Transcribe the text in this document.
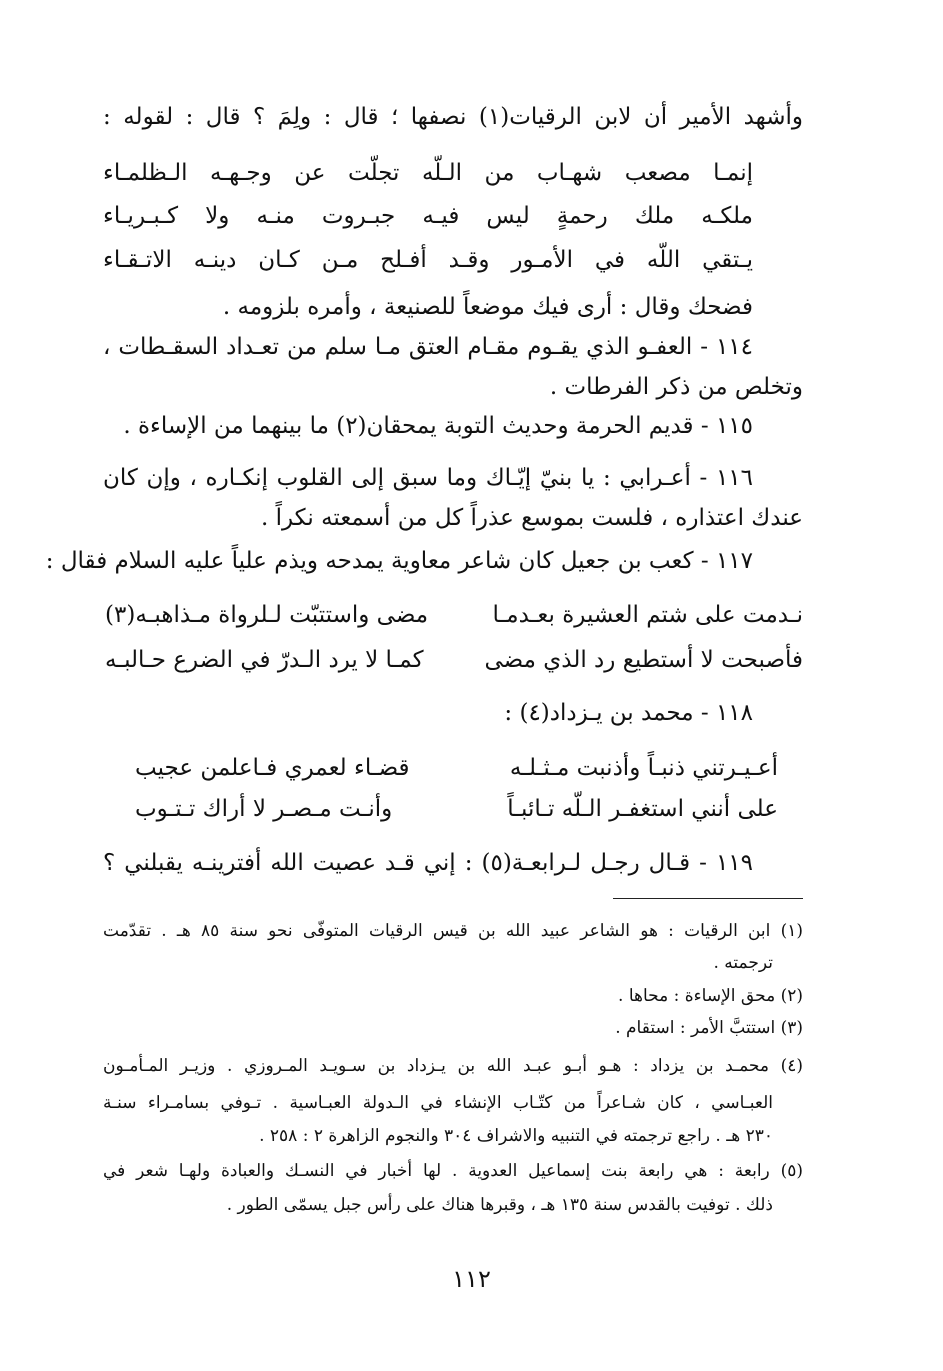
وأشهد الأمير أن لابن الرقيات(١) نصفها ؛ قال : ولِمَ ؟ قال : لقوله :
إنمـا مصعب شهـاب من الـلّه تجلّت عن وجـهـه الـظلمـاء
ملكـه ملك رحمةٍ ليس فيـه جبـروت منـه ولا كـبـريـاء
يـتقي اللّه في الأمـور وقـد أفـلح مـن كـان دينـه الاتـقـاء
فضحك وقال : أرى فيك موضعاً للصنيعة ، وأمره بلزومه .
١١٤ - العفـو الذي يقـوم مقـام العتق مـا سلم من تعـداد السقـطات ،
وتخلص من ذكر الفرطات .
١١٥ - قديم الحرمة وحديث التوبة يمحقان(٢) ما بينهما من الإساءة .
١١٦ - أعـرابي : يا بنيّ إيّـاك وما سبق إلى القلوب إنكـاره ، وإن كان
عندك اعتذاره ، فلست بموسع عذراً كل من أسمعته نكراً .
١١٧ - كعب بن جعيل كان شاعر معاوية يمدحه ويذم علياً عليه السلام فقال :
نـدمت على شتم العشيرة بعـدمـا
مضى واستتبّت لـلرواة مـذاهبـه(٣)
فأصبحت لا أستطيع رد الذي مضى
كمـا لا يرد الـدرّ في الضرع حـالبـه
١١٨ - محمد بن يـزداد(٤) :
أعـيـرتني ذنبـاً وأذنبت مـثـلـه
قضـاء لعمري فـاعلمن عجيب
على أنني استغفـر الـلّه تـائبـاً
وأنـت مـصـر لا أراك تـتـوب
١١٩ - قـال رجـل لـرابعـة(٥) : إني قـد عصيت الله أفترينـه يقبلني ؟
(١) ابن الرقيات : هو الشاعر عبيد الله بن قيس الرقيات المتوفّى نحو سنة ٨٥ هـ . تقدّمت
ترجمته .
(٢) محق الإساءة : محاها .
(٣) استتبَّ الأمر : استقام .
(٤) محمـد بن يزداد : هـو أبـو عبـد الله بن يـزداد بن سـويـد المـروزي . وزيـر المـأمـون
العبـاسي ، كان شـاعراً من كتّـاب الإنشاء في الـدولة العبـاسية . تـوفي بسامـراء سنـة
٢٣٠ هـ . راجع ترجمته في التنبيه والاشراف ٣٠٤ والنجوم الزاهرة ٢ : ٢٥٨ .
(٥) رابعة : هي رابعة بنت إسماعيل العدوية . لها أخبار في النسـك والعبادة ولهـا شعر في
ذلك . توفيت بالقدس سنة ١٣٥ هـ ، وقبرها هناك على رأس جبل يسمّى الطور .
١١٢
